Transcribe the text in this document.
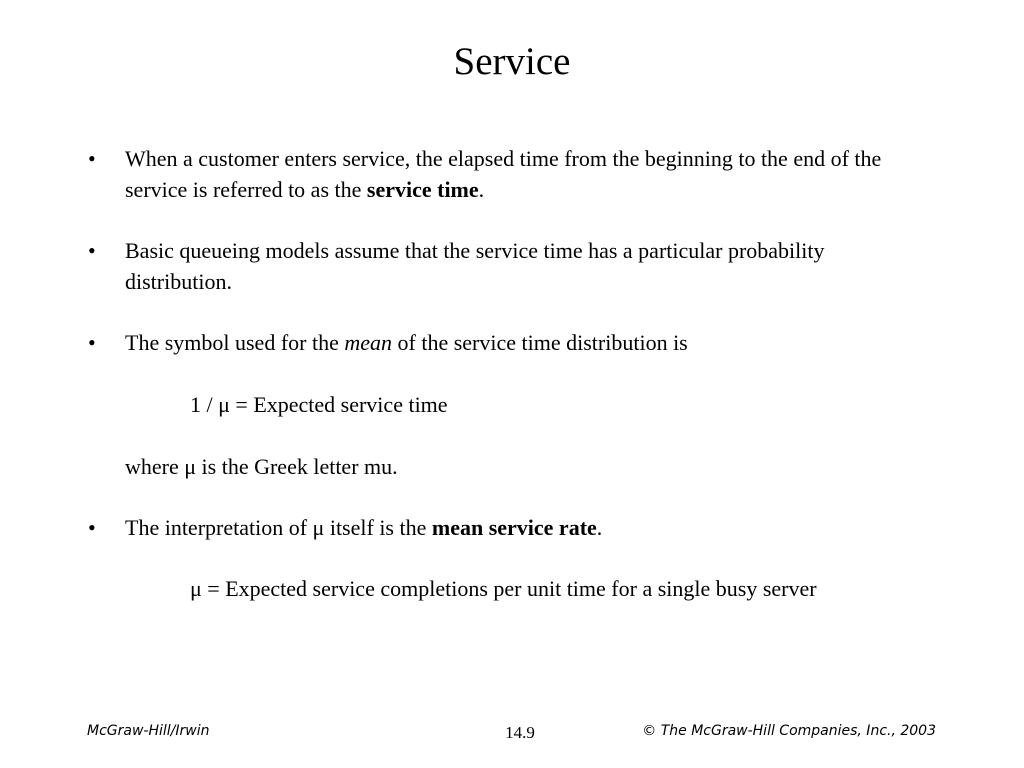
Service
• When a customer enters service, the elapsed time from the beginning to the end of the service is referred to as the service time.
• Basic queueing models assume that the service time has a particular probability distribution.
• The symbol used for the mean of the service time distribution is
1 / μ = Expected service time
where μ is the Greek letter mu.
• The interpretation of μ itself is the mean service rate.
μ = Expected service completions per unit time for a single busy server
McGraw-Hill/Irwin	14.9	© The McGraw-Hill Companies, Inc., 2003
